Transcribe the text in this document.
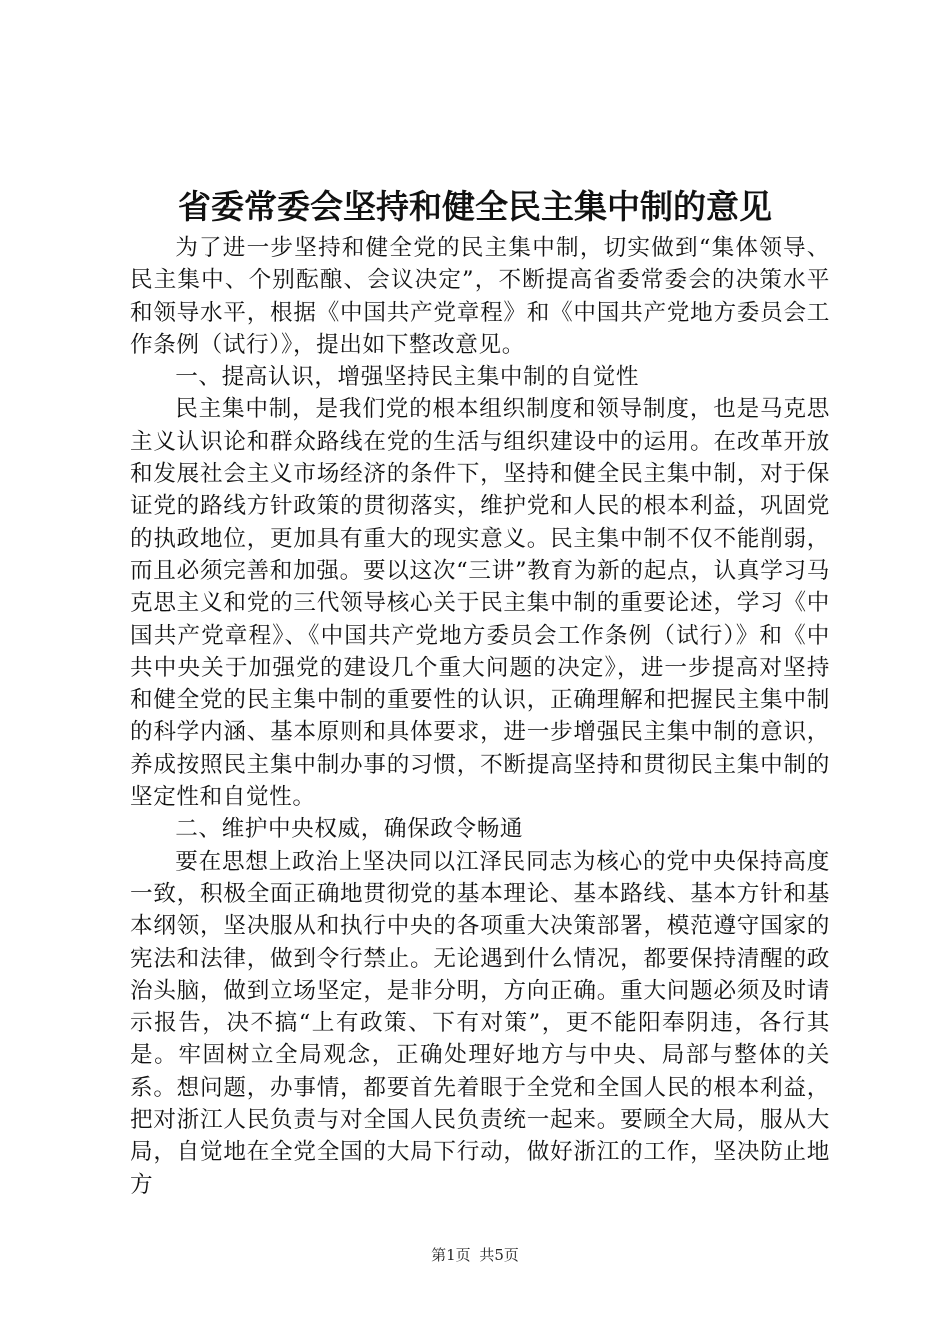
省委常委会坚持和健全民主集中制的意见

为了进一步坚持和健全党的民主集中制，切实做到“集体领导、民主集中、个别酝酿、会议决定”，不断提高省委常委会的决策水平和领导水平，根据《中国共产党章程》和《中国共产党地方委员会工作条例（试行）》，提出如下整改意见。

一、提高认识，增强坚持民主集中制的自觉性

民主集中制，是我们党的根本组织制度和领导制度，也是马克思主义认识论和群众路线在党的生活与组织建设中的运用。在改革开放和发展社会主义市场经济的条件下，坚持和健全民主集中制，对于保证党的路线方针政策的贯彻落实，维护党和人民的根本利益，巩固党的执政地位，更加具有重大的现实意义。民主集中制不仅不能削弱，而且必须完善和加强。要以这次“三讲”教育为新的起点，认真学习马克思主义和党的三代领导核心关于民主集中制的重要论述，学习《中国共产党章程》、《中国共产党地方委员会工作条例（试行）》和《中共中央关于加强党的建设几个重大问题的决定》，进一步提高对坚持和健全党的民主集中制的重要性的认识，正确理解和把握民主集中制的科学内涵、基本原则和具体要求，进一步增强民主集中制的意识，养成按照民主集中制办事的习惯，不断提高坚持和贯彻民主集中制的坚定性和自觉性。

二、维护中央权威，确保政令畅通

要在思想上政治上坚决同以江泽民同志为核心的党中央保持高度一致，积极全面正确地贯彻党的基本理论、基本路线、基本方针和基本纲领，坚决服从和执行中央的各项重大决策部署，模范遵守国家的宪法和法律，做到令行禁止。无论遇到什么情况，都要保持清醒的政治头脑，做到立场坚定，是非分明，方向正确。重大问题必须及时请示报告，决不搞“上有政策、下有对策”，更不能阳奉阴违，各行其是。牢固树立全局观念，正确处理好地方与中央、局部与整体的关系。想问题，办事情，都要首先着眼于全党和全国人民的根本利益，把对浙江人民负责与对全国人民负责统一起来。要顾全大局，服从大局，自觉地在全党全国的大局下行动，做好浙江的工作，坚决防止地方

第1页 共5页
